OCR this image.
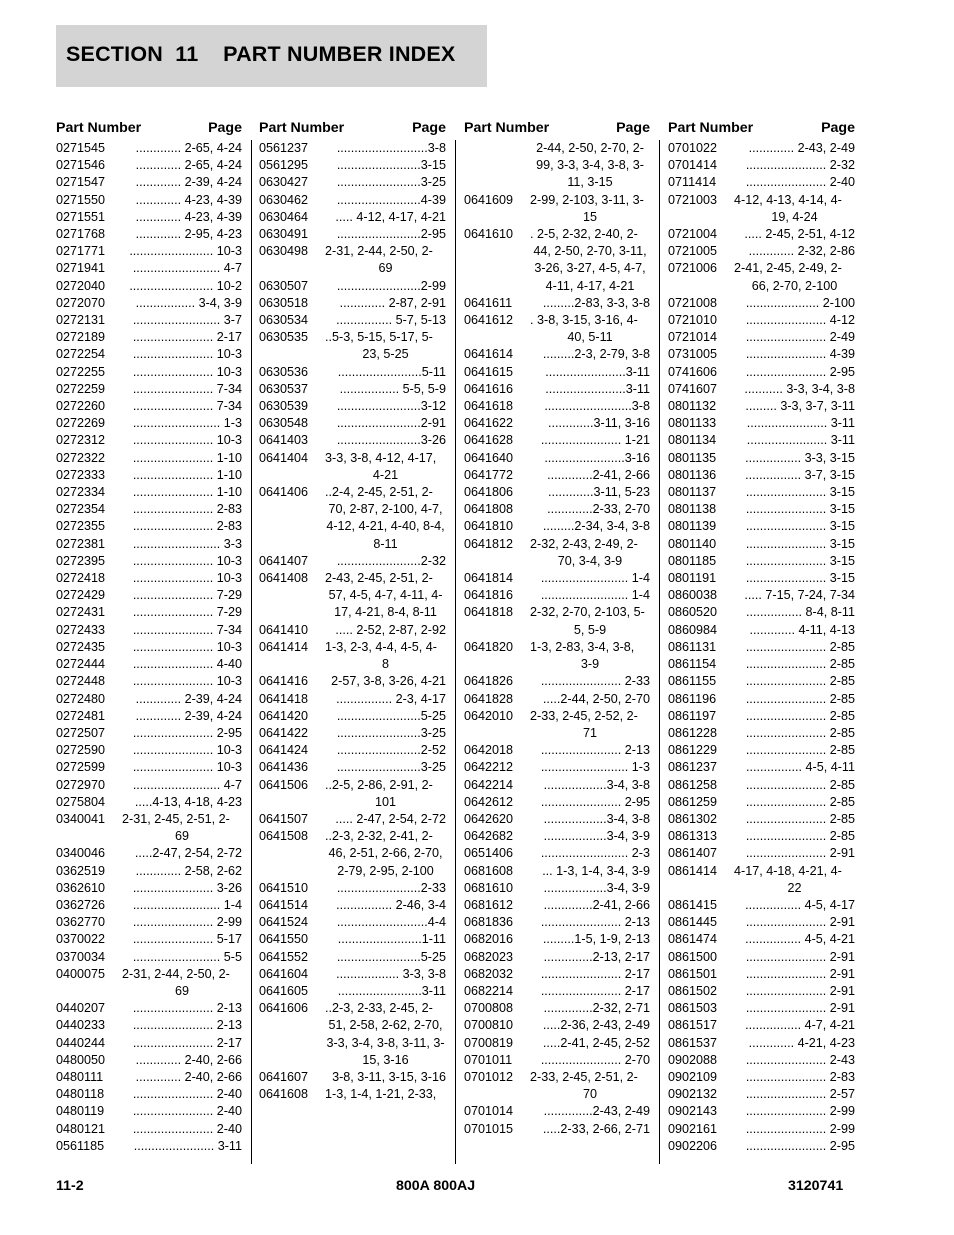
SECTION  11    PART NUMBER INDEX
Part Number	Page
0271545	............. 2-65, 4-24
0271546	............. 2-65, 4-24
0271547	............. 2-39, 4-24
0271550	............. 4-23, 4-39
0271551	............. 4-23, 4-39
0271768	............. 2-95, 4-23
0271771	........................ 10-3
0271941	......................... 4-7
0272040	........................ 10-2
0272070	................. 3-4, 3-9
0272131	......................... 3-7
0272189	....................... 2-17
0272254	....................... 10-3
0272255	....................... 10-3
0272259	....................... 7-34
0272260	....................... 7-34
0272269	......................... 1-3
0272312	....................... 10-3
0272322	....................... 1-10
0272333	....................... 1-10
0272334	....................... 1-10
0272354	....................... 2-83
0272355	....................... 2-83
0272381	......................... 3-3
0272395	....................... 10-3
0272418	....................... 10-3
0272429	....................... 7-29
0272431	....................... 7-29
0272433	....................... 7-34
0272435	....................... 10-3
0272444	....................... 4-40
0272448	....................... 10-3
0272480	............. 2-39, 4-24
0272481	............. 2-39, 4-24
0272507	....................... 2-95
0272590	....................... 10-3
0272599	....................... 10-3
0272970	......................... 4-7
0275804	.....4-13, 4-18, 4-23
0340041	2-31, 2-45, 2-51, 2-
69
0340046	.....2-47, 2-54, 2-72
0362519	............. 2-58, 2-62
0362610	....................... 3-26
0362726	......................... 1-4
0362770	....................... 2-99
0370022	....................... 5-17
0370034	......................... 5-5
0400075	2-31, 2-44, 2-50, 2-
69
0440207	....................... 2-13
0440233	....................... 2-13
0440244	....................... 2-17
0480050	............. 2-40, 2-66
0480111	............. 2-40, 2-66
0480118	....................... 2-40
0480119	....................... 2-40
0480121	....................... 2-40
0561185	....................... 3-11
Part Number	Page
0561237	..........................3-8
0561295	........................3-15
0630427	........................3-25
0630462	........................4-39
0630464	..... 4-12, 4-17, 4-21
0630491	........................2-95
0630498	2-31, 2-44, 2-50, 2-
69
0630507	........................2-99
0630518	............. 2-87, 2-91
0630534	................ 5-7, 5-13
0630535	..5-3, 5-15, 5-17, 5-
23, 5-25
0630536	........................5-11
0630537	................. 5-5, 5-9
0630539	........................3-12
0630548	........................2-91
0641403	........................3-26
0641404	3-3, 3-8, 4-12, 4-17,
4-21
0641406	..2-4, 2-45, 2-51, 2-
70, 2-87, 2-100, 4-7, 4-12, 4-21, 4-40, 8-4, 8-11
0641407	........................2-32
0641408	2-43, 2-45, 2-51, 2-
57, 4-5, 4-7, 4-11, 4-17, 4-21, 8-4, 8-11
0641410	..... 2-52, 2-87, 2-92
0641414	1-3, 2-3, 4-4, 4-5, 4-
8
0641416	2-57, 3-8, 3-26, 4-21
0641418	................ 2-3, 4-17
0641420	........................5-25
0641422	........................3-25
0641424	........................2-52
0641436	........................3-25
0641506	..2-5, 2-86, 2-91, 2-
101
0641507	..... 2-47, 2-54, 2-72
0641508	..2-3, 2-32, 2-41, 2-
46, 2-51, 2-66, 2-70, 2-79, 2-95, 2-100
0641510	........................2-33
0641514	................ 2-46, 3-4
0641524	..........................4-4
0641550	........................1-11
0641552	........................5-25
0641604	.................. 3-3, 3-8
0641605	........................3-11
0641606	..2-3, 2-33, 2-45, 2-
51, 2-58, 2-62, 2-70, 3-3, 3-4, 3-8, 3-11, 3-15, 3-16
0641607	3-8, 3-11, 3-15, 3-16
0641608	1-3, 1-4, 1-21, 2-33,
Part Number	Page
2-44, 2-50, 2-70, 2-99, 3-3, 3-4, 3-8, 3-11, 3-15
0641609	2-99, 2-103, 3-11, 3-
15
0641610	. 2-5, 2-32, 2-40, 2-
44, 2-50, 2-70, 3-11, 3-26, 3-27, 4-5, 4-7, 4-11, 4-17, 4-21
0641611	.........2-83, 3-3, 3-8
0641612	. 3-8, 3-15, 3-16, 4-
40, 5-11
0641614	.........2-3, 2-79, 3-8
0641615	.......................3-11
0641616	.......................3-11
0641618	.........................3-8
0641622	.............3-11, 3-16
0641628	....................... 1-21
0641640	.......................3-16
0641772	.............2-41, 2-66
0641806	.............3-11, 5-23
0641808	.............2-33, 2-70
0641810	.........2-34, 3-4, 3-8
0641812	2-32, 2-43, 2-49, 2-
70, 3-4, 3-9
0641814	......................... 1-4
0641816	......................... 1-4
0641818	2-32, 2-70, 2-103, 5-
5, 5-9
0641820	1-3, 2-83, 3-4, 3-8,
3-9
0641826	....................... 2-33
0641828	.....2-44, 2-50, 2-70
0642010	2-33, 2-45, 2-52, 2-
71
0642018	....................... 2-13
0642212	......................... 1-3
0642214	..................3-4, 3-8
0642612	....................... 2-95
0642620	..................3-4, 3-8
0642682	..................3-4, 3-9
0651406	......................... 2-3
0681608	... 1-3, 1-4, 3-4, 3-9
0681610	..................3-4, 3-9
0681612	..............2-41, 2-66
0681836	....................... 2-13
0682016	.........1-5, 1-9, 2-13
0682023	..............2-13, 2-17
0682032	....................... 2-17
0682214	....................... 2-17
0700808	..............2-32, 2-71
0700810	.....2-36, 2-43, 2-49
0700819	.....2-41, 2-45, 2-52
0701011	....................... 2-70
0701012	2-33, 2-45, 2-51, 2-
70
0701014	..............2-43, 2-49
0701015	.....2-33, 2-66, 2-71
Part Number	Page
0701022	............. 2-43, 2-49
0701414	....................... 2-32
0711414	....................... 2-40
0721003	4-12, 4-13, 4-14, 4-
19, 4-24
0721004	..... 2-45, 2-51, 4-12
0721005	............. 2-32, 2-86
0721006	2-41, 2-45, 2-49, 2-
66, 2-70, 2-100
0721008	..................... 2-100
0721010	....................... 4-12
0721014	....................... 2-49
0731005	....................... 4-39
0741606	....................... 2-95
0741607	........... 3-3, 3-4, 3-8
0801132	......... 3-3, 3-7, 3-11
0801133	....................... 3-11
0801134	....................... 3-11
0801135	................ 3-3, 3-15
0801136	................ 3-7, 3-15
0801137	....................... 3-15
0801138	....................... 3-15
0801139	....................... 3-15
0801140	....................... 3-15
0801185	....................... 3-15
0801191	....................... 3-15
0860038	..... 7-15, 7-24, 7-34
0860520	................ 8-4, 8-11
0860984	............. 4-11, 4-13
0861131	....................... 2-85
0861154	....................... 2-85
0861155	....................... 2-85
0861196	....................... 2-85
0861197	....................... 2-85
0861228	....................... 2-85
0861229	....................... 2-85
0861237	................ 4-5, 4-11
0861258	....................... 2-85
0861259	....................... 2-85
0861302	....................... 2-85
0861313	....................... 2-85
0861407	....................... 2-91
0861414	4-17, 4-18, 4-21, 4-
22
0861415	................ 4-5, 4-17
0861445	....................... 2-91
0861474	................ 4-5, 4-21
0861500	....................... 2-91
0861501	....................... 2-91
0861502	....................... 2-91
0861503	....................... 2-91
0861517	................ 4-7, 4-21
0861537	............. 4-21, 4-23
0902088	....................... 2-43
0902109	....................... 2-83
0902132	....................... 2-57
0902143	....................... 2-99
0902161	....................... 2-99
0902206	....................... 2-95
11-2	800A 800AJ	3120741
